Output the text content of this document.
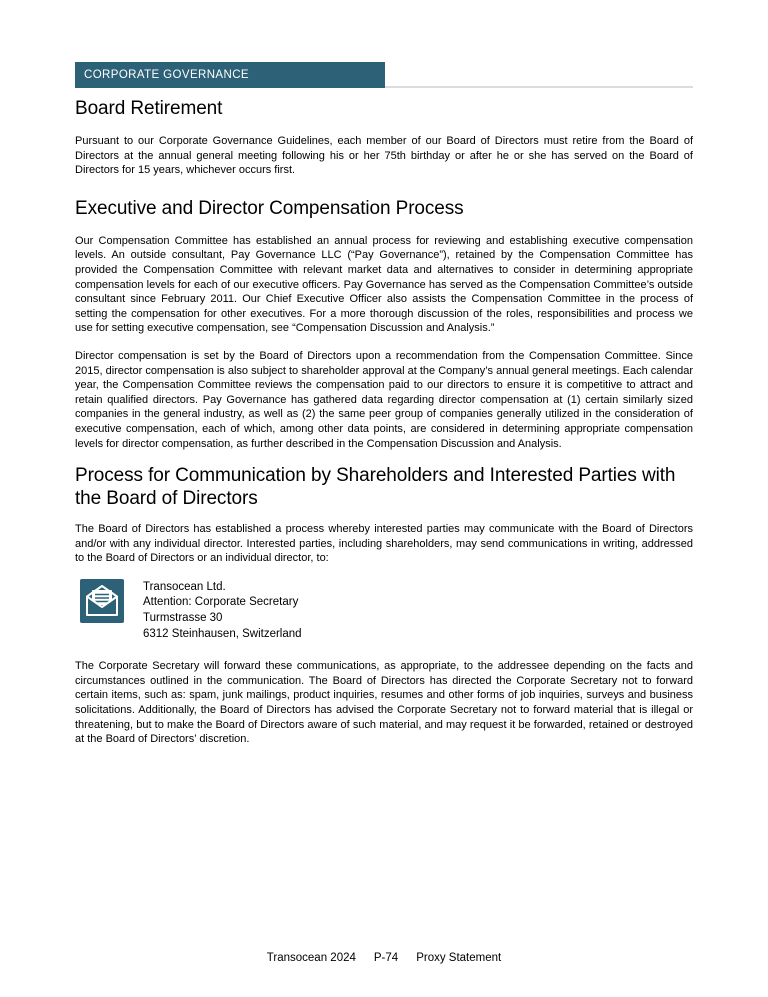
CORPORATE GOVERNANCE
Board Retirement

Pursuant to our Corporate Governance Guidelines, each member of our Board of Directors must retire from the Board of Directors at the annual general meeting following his or her 75th birthday or after he or she has served on the Board of Directors for 15 years, whichever occurs first.

Executive and Director Compensation Process

Our Compensation Committee has established an annual process for reviewing and establishing executive compensation levels. An outside consultant, Pay Governance LLC (“Pay Governance”), retained by the Compensation Committee has provided the Compensation Committee with relevant market data and alternatives to consider in determining appropriate compensation levels for each of our executive officers. Pay Governance has served as the Compensation Committee’s outside consultant since February 2011. Our Chief Executive Officer also assists the Compensation Committee in the process of setting the compensation for other executives. For a more thorough discussion of the roles, responsibilities and process we use for setting executive compensation, see “Compensation Discussion and Analysis.”

Director compensation is set by the Board of Directors upon a recommendation from the Compensation Committee. Since 2015, director compensation is also subject to shareholder approval at the Company’s annual general meetings. Each calendar year, the Compensation Committee reviews the compensation paid to our directors to ensure it is competitive to attract and retain qualified directors. Pay Governance has gathered data regarding director compensation at (1) certain similarly sized companies in the general industry, as well as (2) the same peer group of companies generally utilized in the consideration of executive compensation, each of which, among other data points, are considered in determining appropriate compensation levels for director compensation, as further described in the Compensation Discussion and Analysis.

Process for Communication by Shareholders and Interested Parties with the Board of Directors

The Board of Directors has established a process whereby interested parties may communicate with the Board of Directors and/or with any individual director. Interested parties, including shareholders, may send communications in writing, addressed to the Board of Directors or an individual director, to:

Transocean Ltd.
Attention: Corporate Secretary
Turmstrasse 30
6312 Steinhausen, Switzerland

The Corporate Secretary will forward these communications, as appropriate, to the addressee depending on the facts and circumstances outlined in the communication. The Board of Directors has directed the Corporate Secretary not to forward certain items, such as: spam, junk mailings, product inquiries, resumes and other forms of job inquiries, surveys and business solicitations. Additionally, the Board of Directors has advised the Corporate Secretary not to forward material that is illegal or threatening, but to make the Board of Directors aware of such material, and may request it be forwarded, retained or destroyed at the Board of Directors’ discretion.

Transocean 2024 P-74 Proxy Statement
